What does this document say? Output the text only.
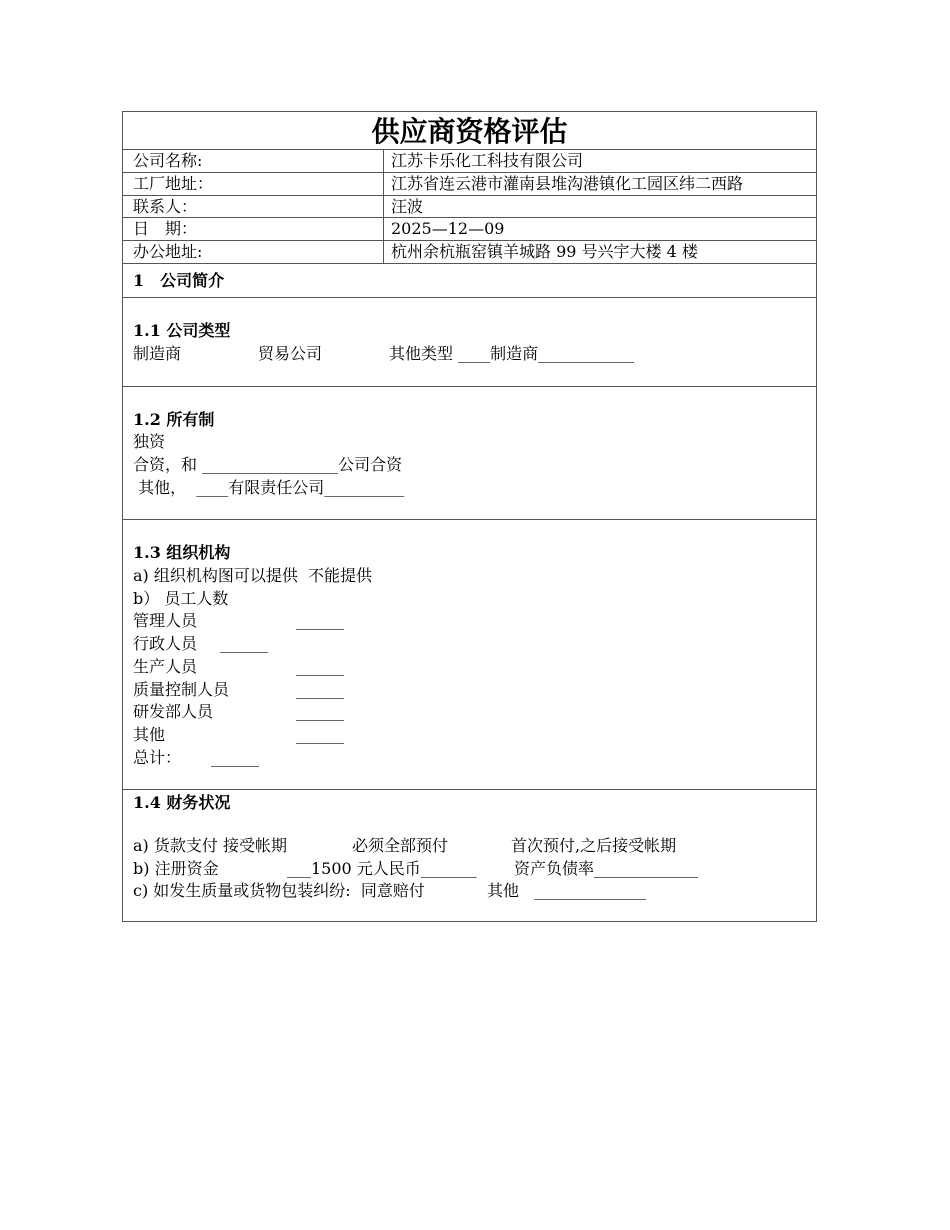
供应商资格评估
公司名称:	江苏卡乐化工科技有限公司
工厂地址：	江苏省连云港市灌南县堆沟港镇化工园区纬二西路
联系人：	汪波
日　期：	2025—12—09
办公地址:	杭州余杭瓶窑镇羊城路 99 号兴宇大楼 4 楼
1　公司简介
1.1 公司类型
制造商	贸易公司	其他类型 ____制造商____________
1.2 所有制
独资
合资，和 _________________公司合资
其他，  ____有限责任公司__________
1.3 组织机构
a) 组织机构图可以提供  不能提供
b） 员工人数
管理人员	______
行政人员 ______
生产人员	______
质量控制人员	______
研发部人员	______
其他	______
总计： ______
1.4 财务状况
a) 货款支付 接受帐期	必须全部预付	首次预付,之后接受帐期
b) 注册资金	___1500 元人民币_______ 资产负债率_____________
c) 如发生质量或货物包装纠纷:  同意赔付	其他   ______________
